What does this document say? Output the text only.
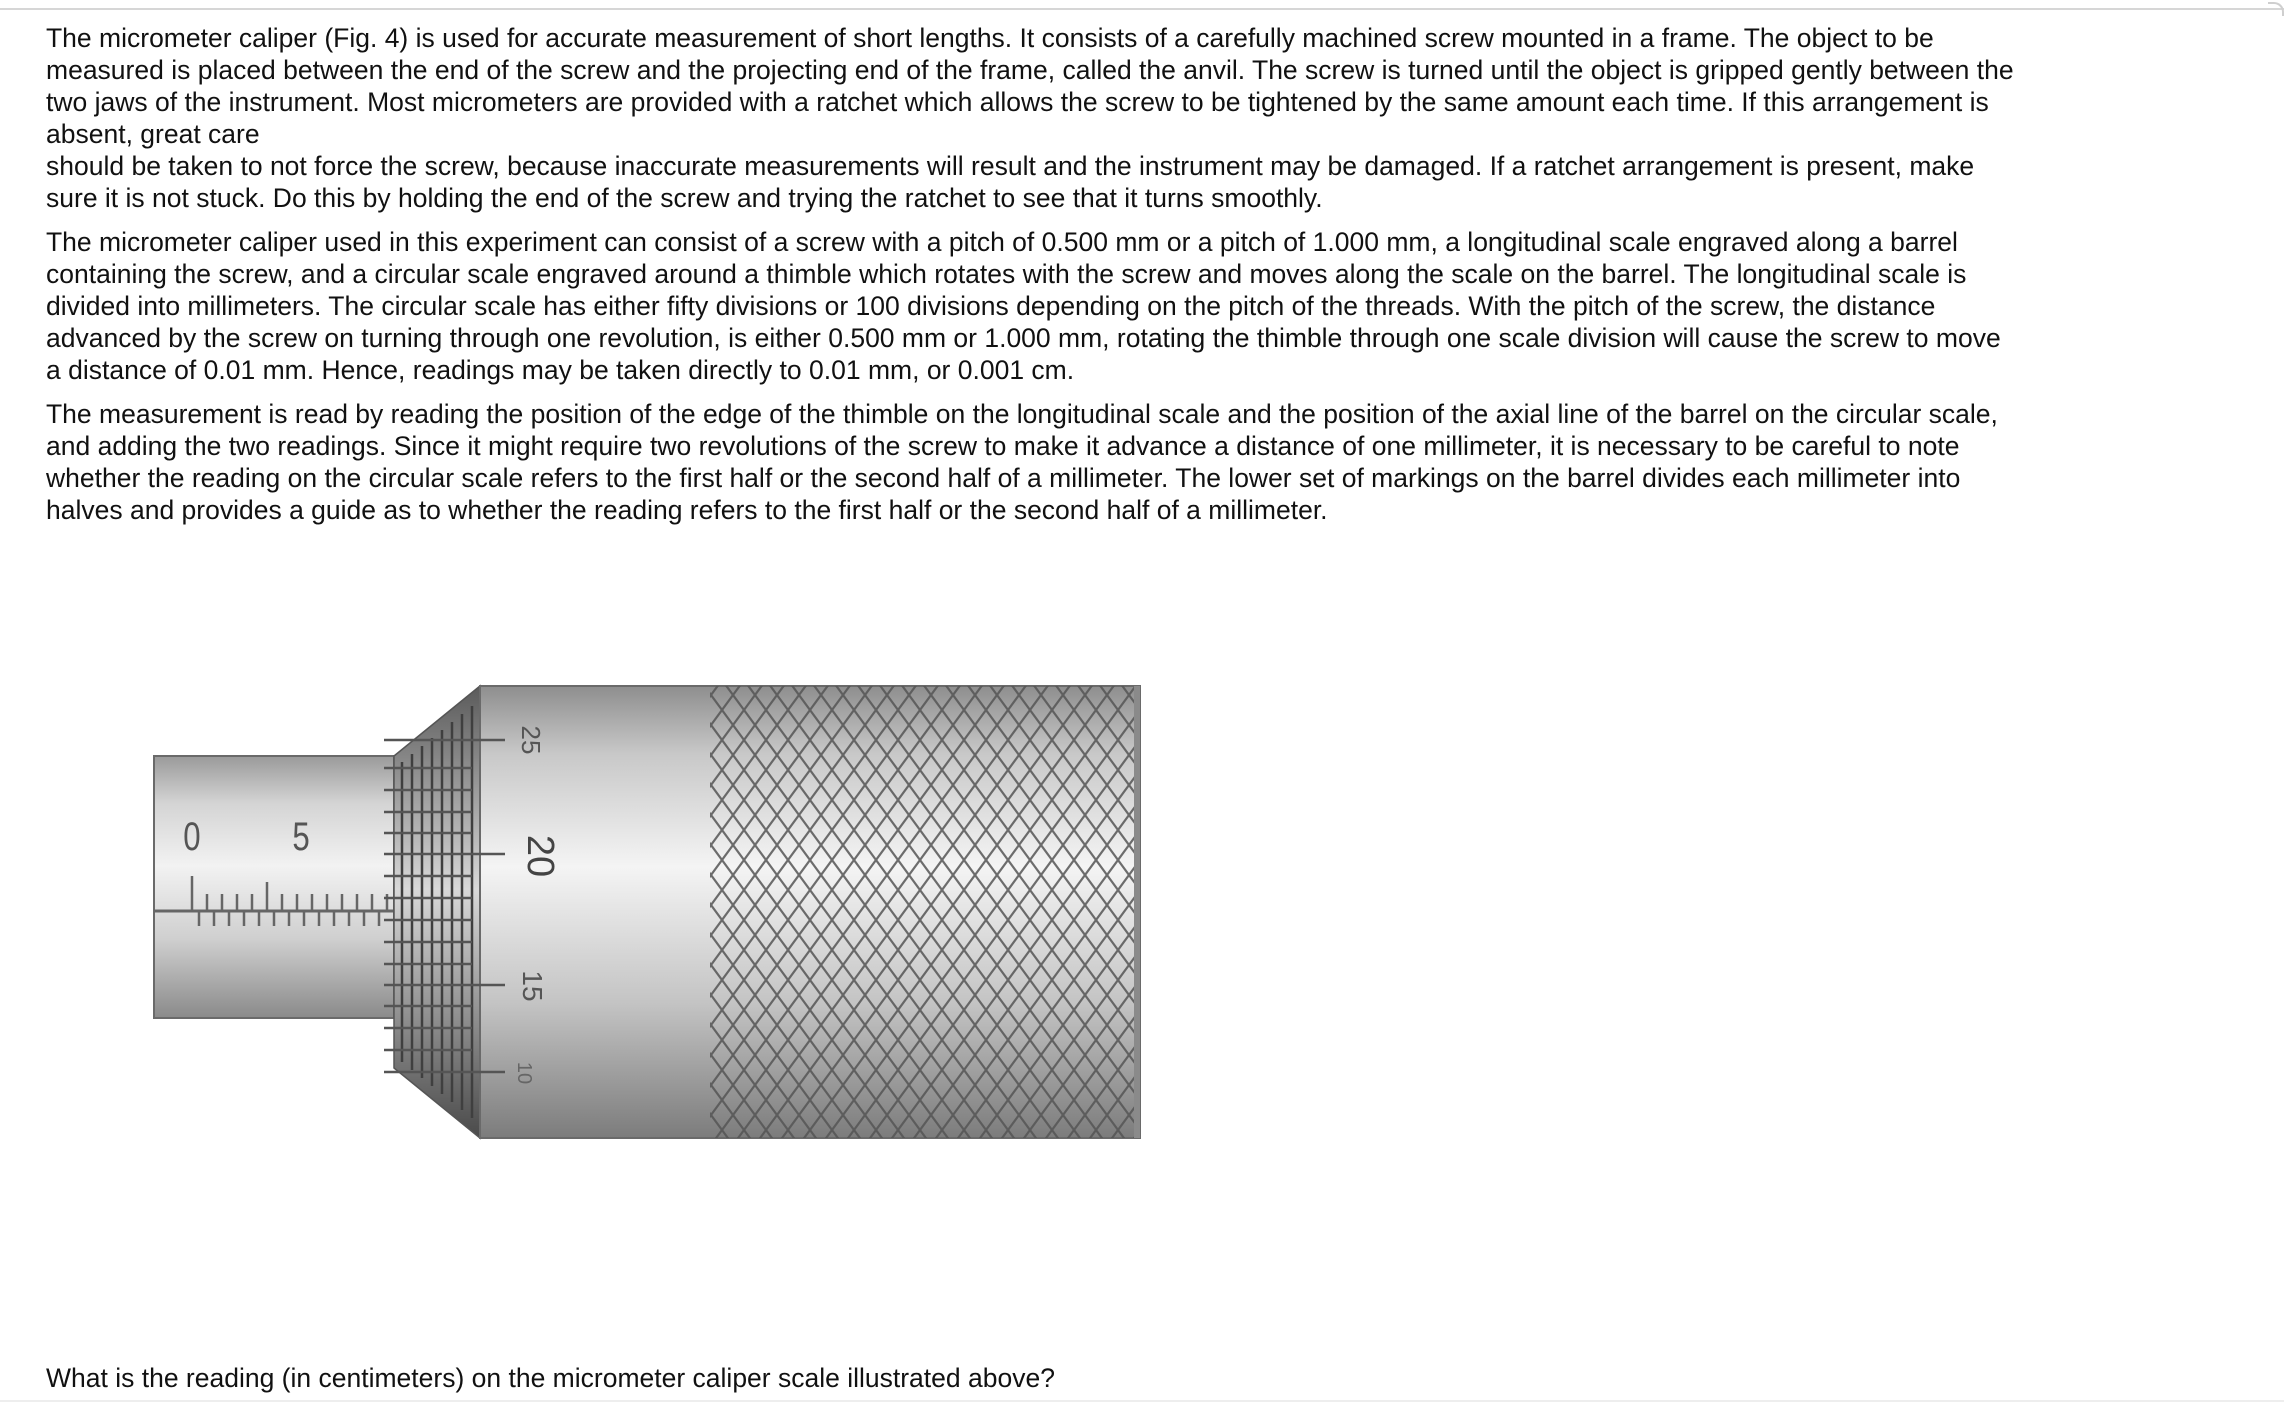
The micrometer caliper (Fig. 4) is used for accurate measurement of short lengths. It consists of a carefully machined screw mounted in a frame. The object to be
measured is placed between the end of the screw and the projecting end of the frame, called the anvil. The screw is turned until the object is gripped gently between the
two jaws of the instrument. Most micrometers are provided with a ratchet which allows the screw to be tightened by the same amount each time. If this arrangement is
absent, great care
should be taken to not force the screw, because inaccurate measurements will result and the instrument may be damaged. If a ratchet arrangement is present, make
sure it is not stuck. Do this by holding the end of the screw and trying the ratchet to see that it turns smoothly.

The micrometer caliper used in this experiment can consist of a screw with a pitch of 0.500 mm or a pitch of 1.000 mm, a longitudinal scale engraved along a barrel
containing the screw, and a circular scale engraved around a thimble which rotates with the screw and moves along the scale on the barrel. The longitudinal scale is
divided into millimeters. The circular scale has either fifty divisions or 100 divisions depending on the pitch of the threads. With the pitch of the screw, the distance
advanced by the screw on turning through one revolution, is either 0.500 mm or 1.000 mm, rotating the thimble through one scale division will cause the screw to move
a distance of 0.01 mm. Hence, readings may be taken directly to 0.01 mm, or 0.001 cm.

The measurement is read by reading the position of the edge of the thimble on the longitudinal scale and the position of the axial line of the barrel on the circular scale,
and adding the two readings. Since it might require two revolutions of the screw to make it advance a distance of one millimeter, it is necessary to be careful to note
whether the reading on the circular scale refers to the first half or the second half of a millimeter. The lower set of markings on the barrel divides each millimeter into
halves and provides a guide as to whether the reading refers to the first half or the second half of a millimeter.

0 5
25
20
15
10
What is the reading (in centimeters) on the micrometer caliper scale illustrated above?
